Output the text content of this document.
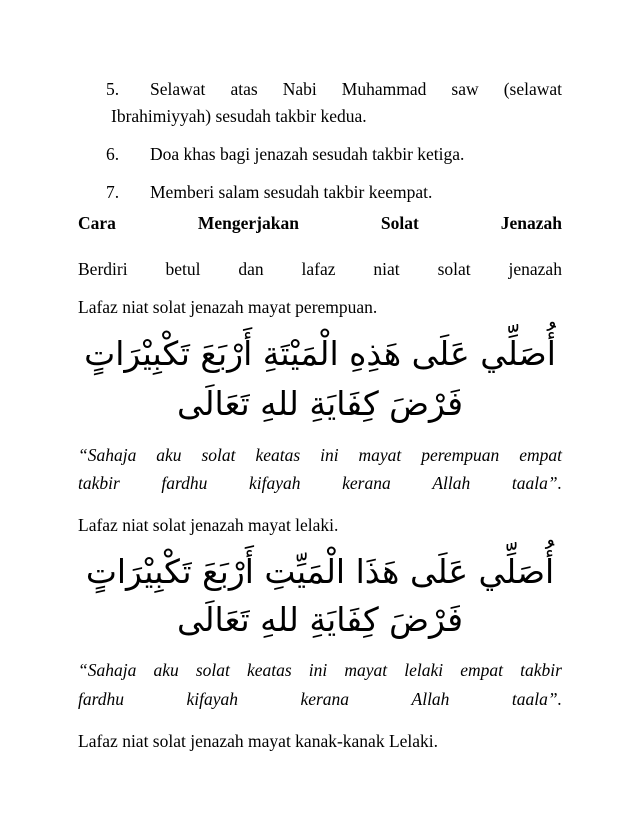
5. Selawat atas Nabi Muhammad saw (selawat
Ibrahimiyyah) sesudah takbir kedua.
6. Doa khas bagi jenazah sesudah takbir ketiga.
7. Memberi salam sesudah takbir keempat.
Cara	Mengerjakan	Solat	Jenazah
Berdiri betul dan lafaz niat solat jenazah
Lafaz niat solat jenazah mayat perempuan.
أُصَلِّي عَلَى هَذِهِ الْمَيْتَةِ أَرْبَعَ تَكْبِيْرَاتٍ
فَرْضَ كِفَايَةِ للهِ تَعَالَى
“Sahaja aku solat keatas ini mayat perempuan empat
takbir fardhu kifayah kerana Allah taala”.
Lafaz niat solat jenazah mayat lelaki.
أُصَلِّي عَلَى هَذَا الْمَيِّتِ أَرْبَعَ تَكْبِيْرَاتٍ
فَرْضَ كِفَايَةِ للهِ تَعَالَى
“Sahaja aku solat keatas ini mayat lelaki empat takbir
fardhu	kifayah	kerana	Allah	taala”.
Lafaz niat solat jenazah mayat kanak-kanak Lelaki.
